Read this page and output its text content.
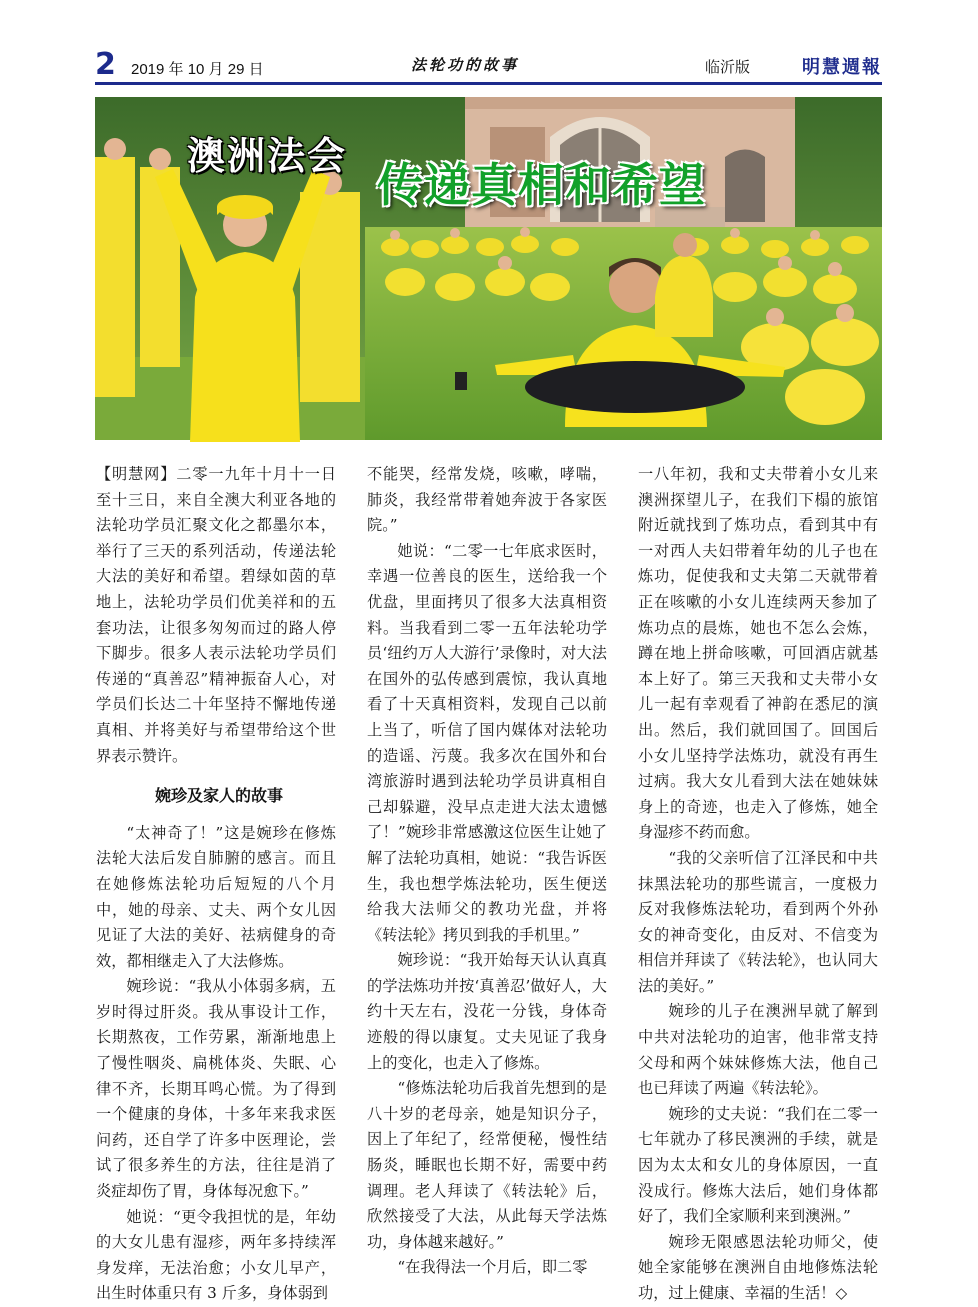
2 2019 年 10 月 29 日	法轮功的故事	临沂版	明慧週報
澳洲法会
传递真相和希望

【明慧网】二零一九年十月十一日至十三日，来自全澳大利亚各地的法轮功学员汇聚文化之都墨尔本，举行了三天的系列活动，传递法轮大法的美好和希望。碧绿如茵的草地上，法轮功学员们优美祥和的五套功法，让很多匆匆而过的路人停下脚步。很多人表示法轮功学员们传递的“真善忍”精神振奋人心，对学员们长达二十年坚持不懈地传递真相、并将美好与希望带给这个世界表示赞许。

婉珍及家人的故事

“太神奇了！”这是婉珍在修炼法轮大法后发自肺腑的感言。而且在她修炼法轮功后短短的八个月中，她的母亲、丈夫、两个女儿因见证了大法的美好、祛病健身的奇效，都相继走入了大法修炼。

婉珍说：“我从小体弱多病，五岁时得过肝炎。我从事设计工作，长期熬夜，工作劳累，渐渐地患上了慢性咽炎、扁桃体炎、失眠、心律不齐，长期耳鸣心慌。为了得到一个健康的身体，十多年来我求医问药，还自学了许多中医理论，尝试了很多养生的方法，往往是消了炎症却伤了胃，身体每况愈下。”

她说：“更令我担忧的是，年幼的大女儿患有湿疹，两年多持续浑身发痒，无法治愈；小女儿早产，出生时体重只有 3 斤多，身体弱到

不能哭，经常发烧，咳嗽，哮喘，肺炎，我经常带着她奔波于各家医院。”

她说：“二零一七年底求医时，幸遇一位善良的医生，送给我一个优盘，里面拷贝了很多大法真相资料。当我看到二零一五年法轮功学员‘纽约万人大游行’录像时，对大法在国外的弘传感到震惊，我认真地看了十天真相资料，发现自己以前上当了，听信了国内媒体对法轮功的造谣、污蔑。我多次在国外和台湾旅游时遇到法轮功学员讲真相自己却躲避，没早点走进大法太遗憾了！”婉珍非常感激这位医生让她了解了法轮功真相，她说：“我告诉医生，我也想学炼法轮功，医生便送给我大法师父的教功光盘，并将《转法轮》拷贝到我的手机里。”

婉珍说：“我开始每天认认真真的学法炼功并按‘真善忍’做好人，大约十天左右，没花一分钱，身体奇迹般的得以康复。丈夫见证了我身上的变化，也走入了修炼。

“修炼法轮功后我首先想到的是八十岁的老母亲，她是知识分子，因上了年纪了，经常便秘，慢性结肠炎，睡眠也长期不好，需要中药调理。老人拜读了《转法轮》后，欣然接受了大法，从此每天学法炼功，身体越来越好。”

“在我得法一个月后，即二零

一八年初，我和丈夫带着小女儿来澳洲探望儿子，在我们下榻的旅馆附近就找到了炼功点，看到其中有一对西人夫妇带着年幼的儿子也在炼功，促使我和丈夫第二天就带着正在咳嗽的小女儿连续两天参加了炼功点的晨炼，她也不怎么会炼，蹲在地上拼命咳嗽，可回酒店就基本上好了。第三天我和丈夫带小女儿一起有幸观看了神韵在悉尼的演出。然后，我们就回国了。回国后小女儿坚持学法炼功，就没有再生过病。我大女儿看到大法在她妹妹身上的奇迹，也走入了修炼，她全身湿疹不药而愈。

“我的父亲听信了江泽民和中共抹黑法轮功的那些谎言，一度极力反对我修炼法轮功，看到两个外孙女的神奇变化，由反对、不信变为相信并拜读了《转法轮》，也认同大法的美好。”

婉珍的儿子在澳洲早就了解到中共对法轮功的迫害，他非常支持父母和两个妹妹修炼大法，他自己也已拜读了两遍《转法轮》。

婉珍的丈夫说：“我们在二零一七年就办了移民澳洲的手续，就是因为太太和女儿的身体原因，一直没成行。修炼大法后，她们身体都好了，我们全家顺利来到澳洲。”

婉珍无限感恩法轮功师父，使她全家能够在澳洲自由地修炼法轮功，过上健康、幸福的生活！◇
